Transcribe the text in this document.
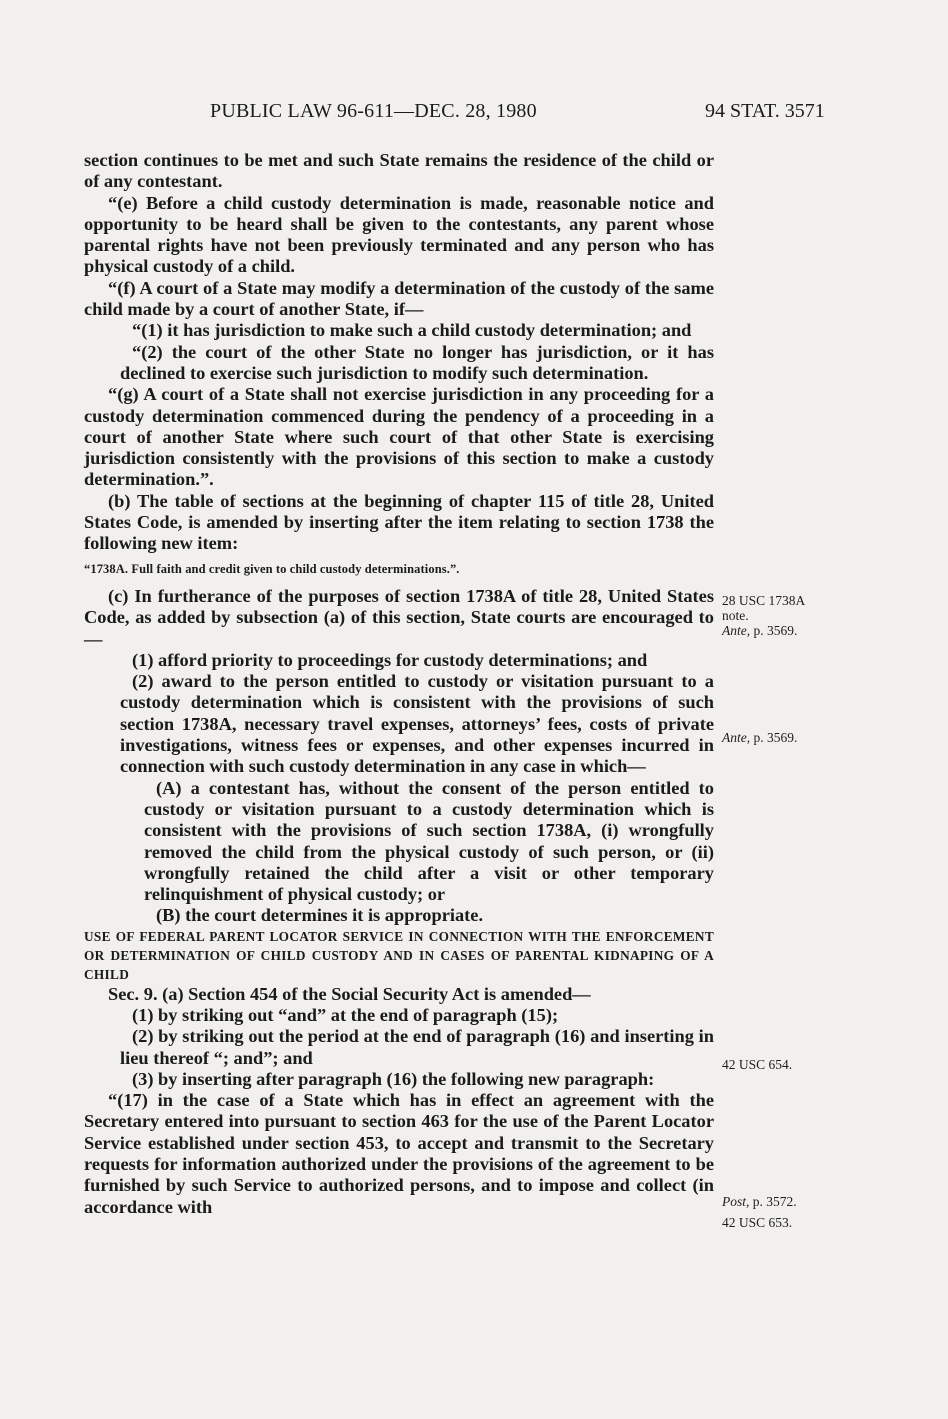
PUBLIC LAW 96-611—DEC. 28, 1980	94 STAT. 3571

section continues to be met and such State remains the residence of the child or of any contestant.

“(e) Before a child custody determination is made, reasonable notice and opportunity to be heard shall be given to the contestants, any parent whose parental rights have not been previously terminated and any person who has physical custody of a child.

“(f) A court of a State may modify a determination of the custody of the same child made by a court of another State, if—

“(1) it has jurisdiction to make such a child custody determination; and

“(2) the court of the other State no longer has jurisdiction, or it has declined to exercise such jurisdiction to modify such determination.

“(g) A court of a State shall not exercise jurisdiction in any proceeding for a custody determination commenced during the pendency of a proceeding in a court of another State where such court of that other State is exercising jurisdiction consistently with the provisions of this section to make a custody determination.”.

(b) The table of sections at the beginning of chapter 115 of title 28, United States Code, is amended by inserting after the item relating to section 1738 the following new item:

“1738A. Full faith and credit given to child custody determinations.”.

(c) In furtherance of the purposes of section 1738A of title 28, United States Code, as added by subsection (a) of this section, State courts are encouraged to—

(1) afford priority to proceedings for custody determinations; and

(2) award to the person entitled to custody or visitation pursuant to a custody determination which is consistent with the provisions of such section 1738A, necessary travel expenses, attorneys’ fees, costs of private investigations, witness fees or expenses, and other expenses incurred in connection with such custody determination in any case in which—

(A) a contestant has, without the consent of the person entitled to custody or visitation pursuant to a custody determination which is consistent with the provisions of such section 1738A, (i) wrongfully removed the child from the physical custody of such person, or (ii) wrongfully retained the child after a visit or other temporary relinquishment of physical custody; or

(B) the court determines it is appropriate.

USE OF FEDERAL PARENT LOCATOR SERVICE IN CONNECTION WITH THE ENFORCEMENT OR DETERMINATION OF CHILD CUSTODY AND IN CASES OF PARENTAL KIDNAPING OF A CHILD

Sec. 9. (a) Section 454 of the Social Security Act is amended—

(1) by striking out “and” at the end of paragraph (15);

(2) by striking out the period at the end of paragraph (16) and inserting in lieu thereof “; and”; and

(3) by inserting after paragraph (16) the following new paragraph:

“(17) in the case of a State which has in effect an agreement with the Secretary entered into pursuant to section 463 for the use of the Parent Locator Service established under section 453, to accept and transmit to the Secretary requests for information authorized under the provisions of the agreement to be furnished by such Service to authorized persons, and to impose and collect (in accordance with

28 USC 1738A
note.
Ante, p. 3569.
Ante, p. 3569.
42 USC 654.
Post, p. 3572.
42 USC 653.
